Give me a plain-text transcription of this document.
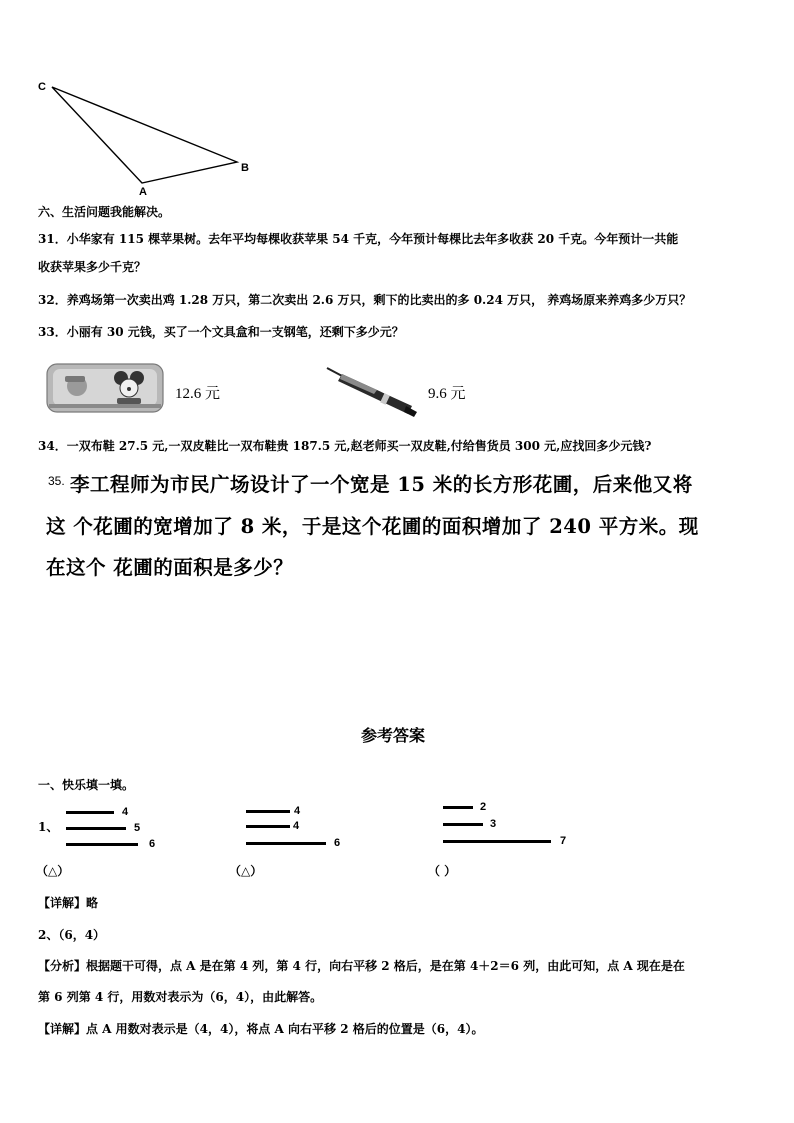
C
A
B
六、生活问题我能解决。
31．小华家有 115 棵苹果树。去年平均每棵收获苹果 54 千克，今年预计每棵比去年多收获 20 千克。今年预计一共能
收获苹果多少千克？
32．养鸡场第一次卖出鸡 1.28 万只，第二次卖出 2.6 万只，剩下的比卖出的多 0.24 万只， 养鸡场原来养鸡多少万只？
33．小丽有 30 元钱，买了一个文具盒和一支钢笔，还剩下多少元？
12.6 元	9.6 元
34．一双布鞋 27.5 元,一双皮鞋比一双布鞋贵 187.5 元,赵老师买一双皮鞋,付给售货员 300 元,应找回多少元钱?
35. 李工程师为市民广场设计了一个宽是 15 米的长方形花圃，后来他又将
这 个花圃的宽增加了 8 米，于是这个花圃的面积增加了 240 平方米。现
在这个 花圃的面积是多少？
参考答案
一、快乐填一填。
1、
4
5
6
（△）
4
4
6
（△）
2
3
7
（ ）
【详解】略
2、（6，4）
【分析】根据题干可得，点 A 是在第 4 列，第 4 行，向右平移 2 格后，是在第 4＋2＝6 列，由此可知，点 A 现在是在
第 6 列第 4 行，用数对表示为（6，4），由此解答。
【详解】点 A 用数对表示是（4，4），将点 A 向右平移 2 格后的位置是（6，4）。
